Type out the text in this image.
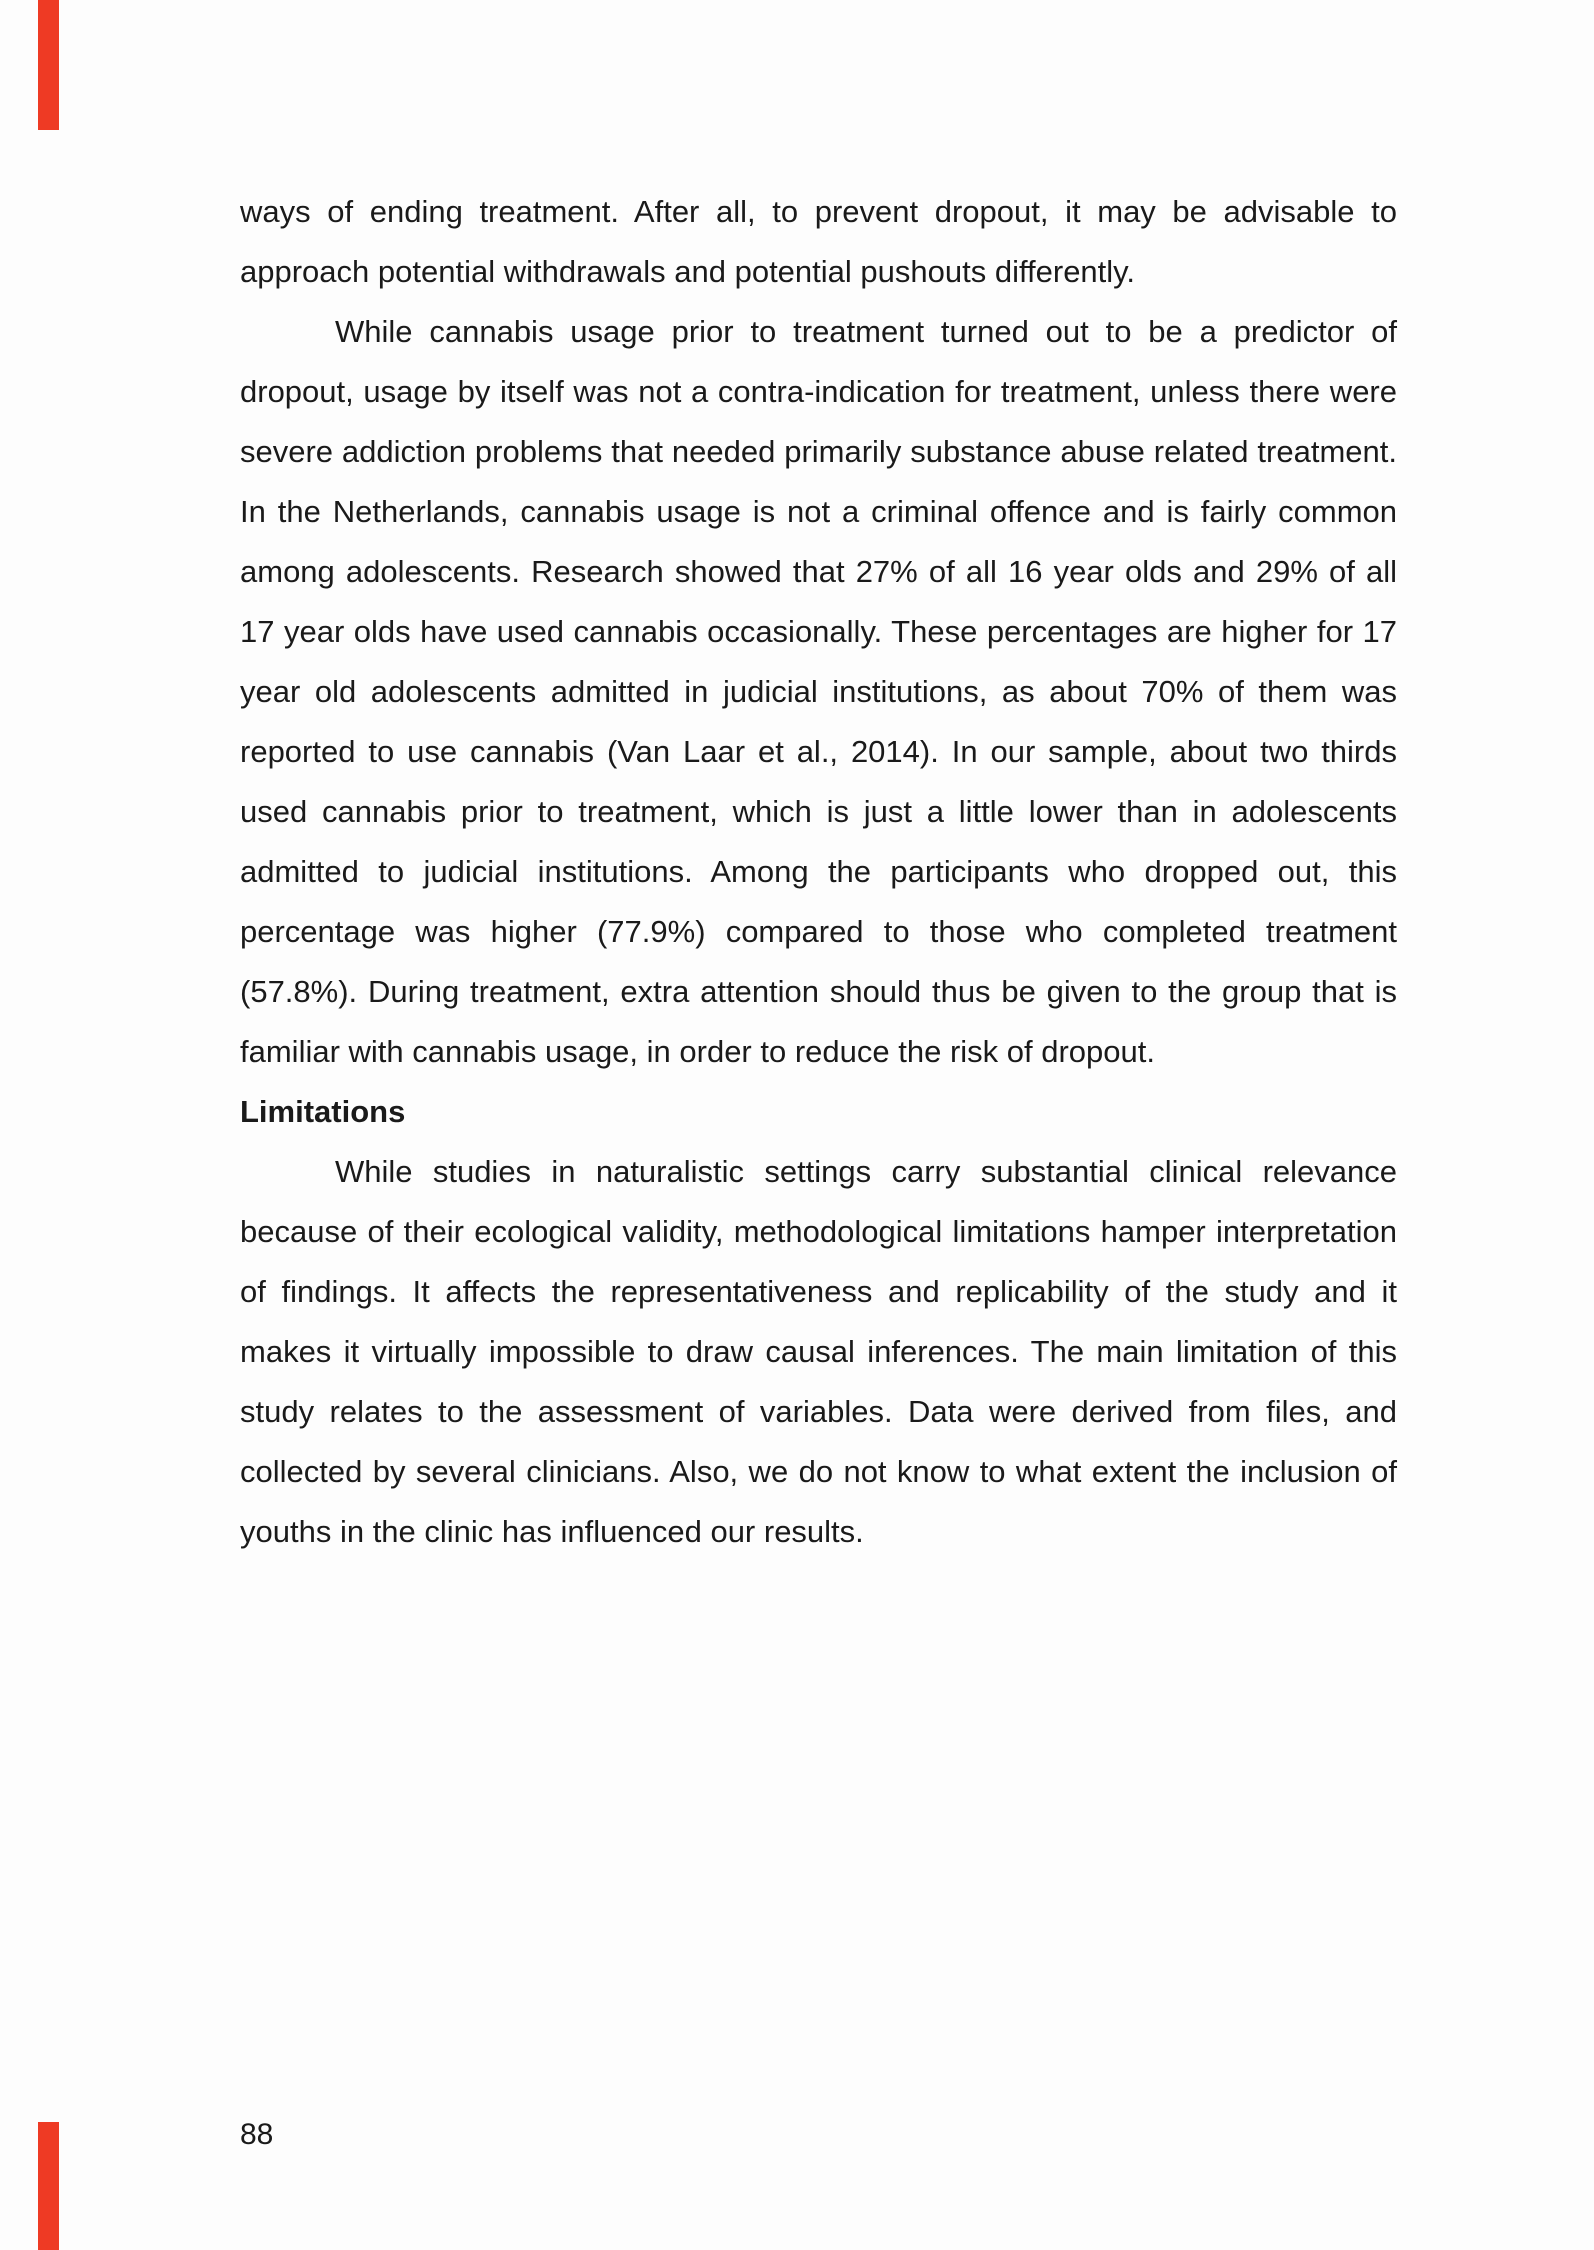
ways of ending treatment. After all, to prevent dropout, it may be advisable to approach potential withdrawals and potential pushouts differently.

While cannabis usage prior to treatment turned out to be a predictor of dropout, usage by itself was not a contra-indication for treatment, unless there were severe addiction problems that needed primarily substance abuse related treatment. In the Netherlands, cannabis usage is not a criminal offence and is fairly common among adolescents. Research showed that 27% of all 16 year olds and 29% of all 17 year olds have used cannabis occasionally. These percentages are higher for 17 year old adolescents admitted in judicial institutions, as about 70% of them was reported to use cannabis (Van Laar et al., 2014). In our sample, about two thirds used cannabis prior to treatment, which is just a little lower than in adolescents admitted to judicial institutions. Among the participants who dropped out, this percentage was higher (77.9%) compared to those who completed treatment (57.8%). During treatment, extra attention should thus be given to the group that is familiar with cannabis usage, in order to reduce the risk of dropout.

Limitations

While studies in naturalistic settings carry substantial clinical relevance because of their ecological validity, methodological limitations hamper interpretation of findings. It affects the representativeness and replicability of the study and it makes it virtually impossible to draw causal inferences. The main limitation of this study relates to the assessment of variables. Data were derived from files, and collected by several clinicians. Also, we do not know to what extent the inclusion of youths in the clinic has influenced our results.

88
